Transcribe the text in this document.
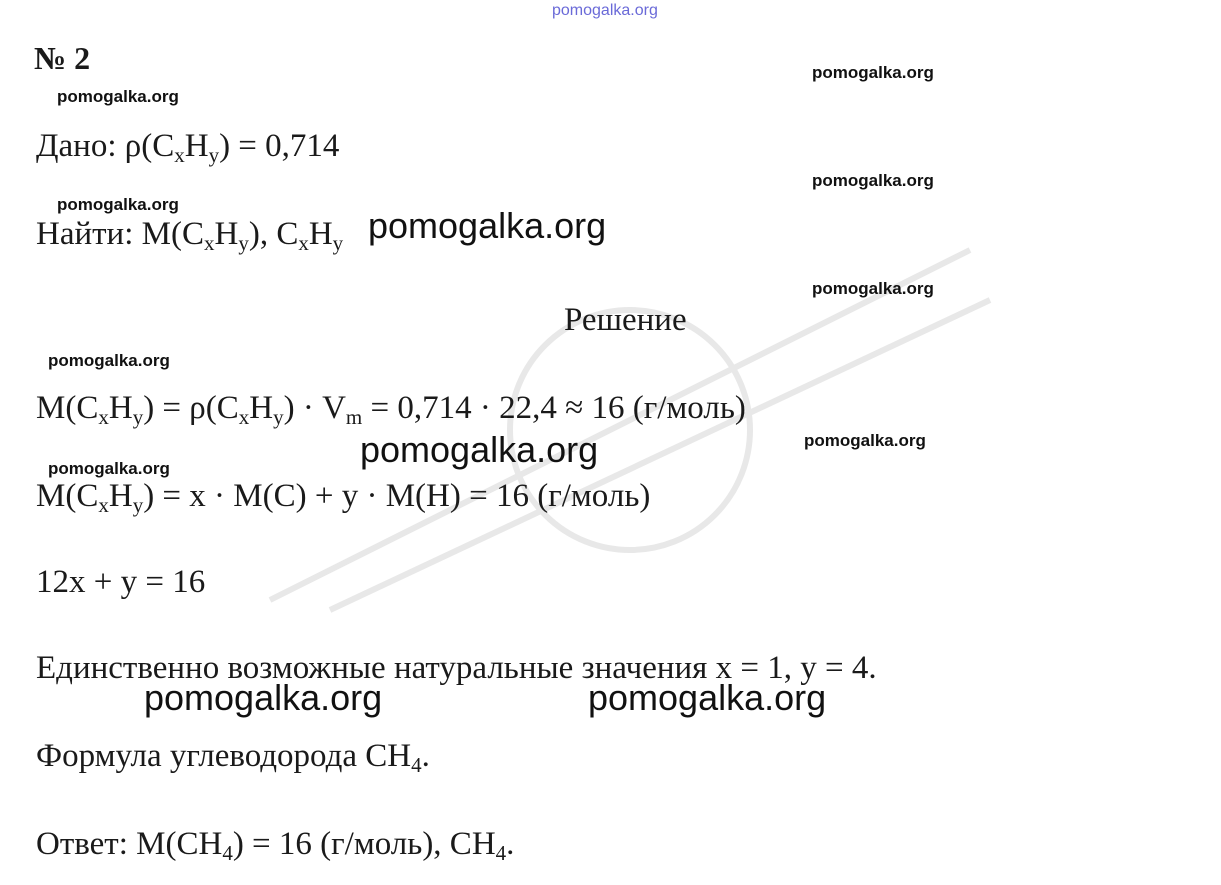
pomogalka.org
№ 2	pomogalka.org
pomogalka.org
Дано: $\rho(C_xH_y) = 0,714$
pomogalka.org
pomogalka.org
Найти: $M(C_xH_y)$, $C_xH_y$ pomogalka.org
pomogalka.org
Решение
pomogalka.org
$M(C_xH_y) = \rho(C_xH_y) \cdot V_m = 0,714 \cdot 22,4 \approx 16$ (г/моль)
pomogalka.org
pomogalka.org
pomogalka.org
$M(C_xH_y) = x \cdot M(C) + y \cdot M(H) = 16$ (г/моль)
12x + y = 16
Единственно возможные натуральные значения x = 1, y = 4.
pomogalka.org	pomogalka.org
Формула углеводорода $CH_4$.
Ответ: $M(CH_4) = 16$ (г/моль), $CH_4$.
